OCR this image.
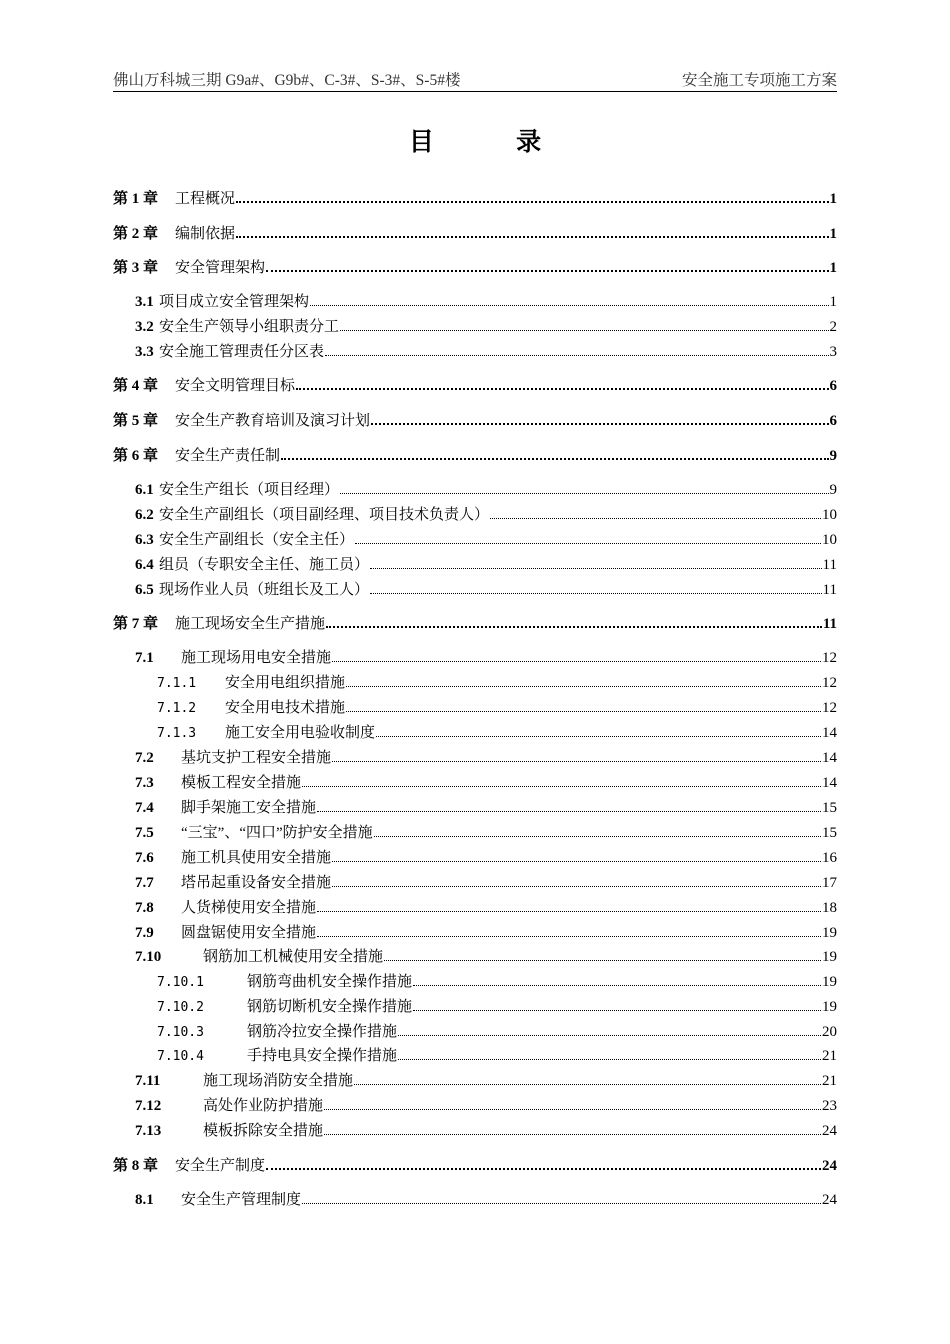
佛山万科城三期 G9a#、G9b#、C-3#、S-3#、S-5#楼	安全施工专项施工方案
目 录
第 1 章	工程概况	1
第 2 章	编制依据	1
第 3 章	安全管理架构	1
3.1 项目成立安全管理架构	1
3.2 安全生产领导小组职责分工	2
3.3 安全施工管理责任分区表	3
第 4 章	安全文明管理目标	6
第 5 章	安全生产教育培训及演习计划	6
第 6 章	安全生产责任制	9
6.1 安全生产组长（项目经理）	9
6.2 安全生产副组长（项目副经理、项目技术负责人）	10
6.3 安全生产副组长（安全主任）	10
6.4 组员（专职安全主任、施工员）	11
6.5 现场作业人员（班组长及工人）	11
第 7 章	施工现场安全生产措施	11
7.1	施工现场用电安全措施	12
7.1.1	安全用电组织措施	12
7.1.2	安全用电技术措施	12
7.1.3	施工安全用电验收制度	14
7.2	基坑支护工程安全措施	14
7.3	模板工程安全措施	14
7.4	脚手架施工安全措施	15
7.5	“三宝”、“四口”防护安全措施	15
7.6	施工机具使用安全措施	16
7.7	塔吊起重设备安全措施	17
7.8	人货梯使用安全措施	18
7.9	圆盘锯使用安全措施	19
7.10	钢筋加工机械使用安全措施	19
7.10.1	钢筋弯曲机安全操作措施	19
7.10.2	钢筋切断机安全操作措施	19
7.10.3	钢筋冷拉安全操作措施	20
7.10.4	手持电具安全操作措施	21
7.11	施工现场消防安全措施	21
7.12	高处作业防护措施	23
7.13	模板拆除安全措施	24
第 8 章	安全生产制度	24
8.1	安全生产管理制度	24
